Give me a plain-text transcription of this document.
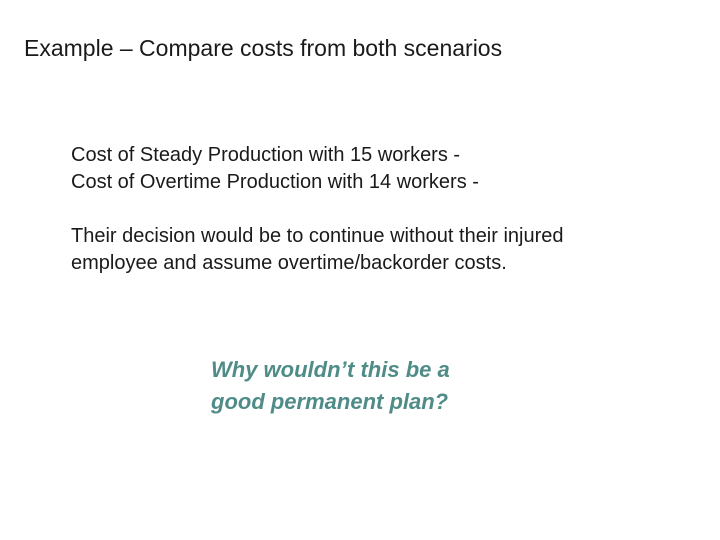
Example – Compare costs from both scenarios
Cost of Steady Production with 15 workers -
Cost of Overtime Production with 14 workers -
Their decision would be to continue without their injured
employee and assume overtime/backorder costs.
Why wouldn’t this be a
good permanent plan?
